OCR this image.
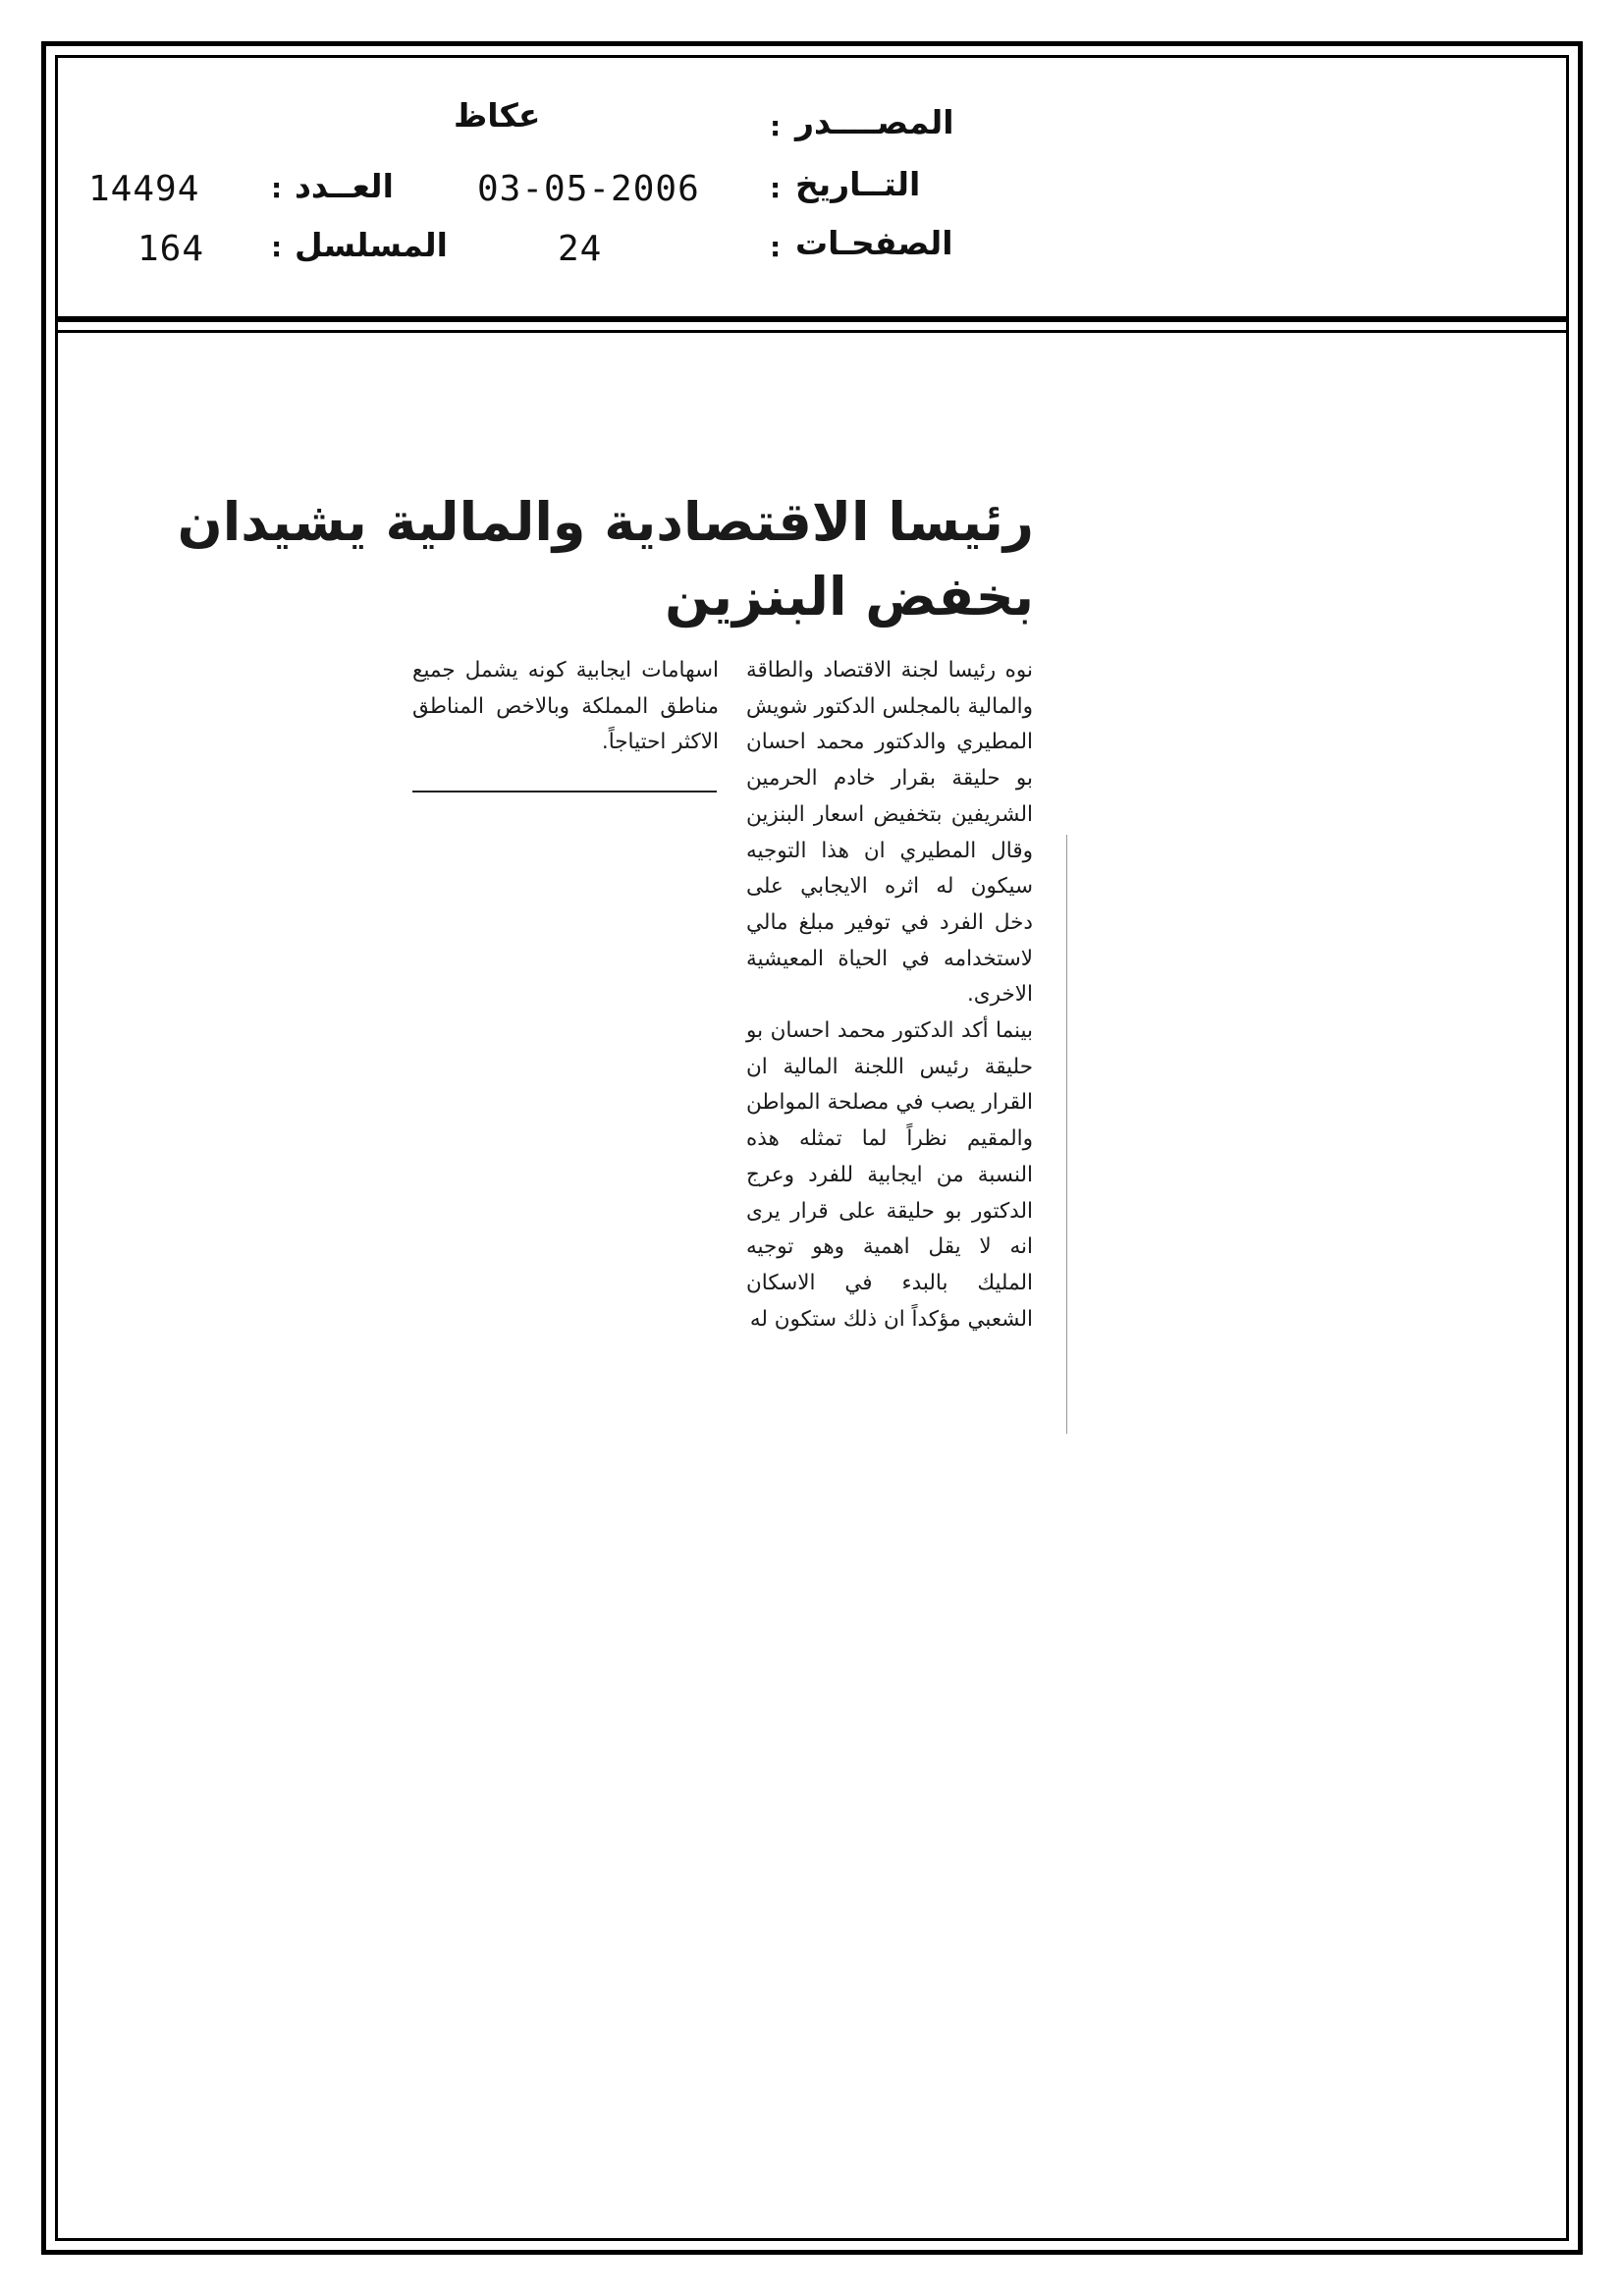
المصــــدر
:
عكاظ
التــاريخ
:
03-05-2006
العــدد
:
14494
الصفحـات
:
24
المسلسل
:
164
رئيسا الاقتصادية والمالية يشيدان
بخفض البنزين

نوه رئيسا لجنة الاقتصاد والطاقة والمالية بالمجلس الدكتور شويش المطيري والدكتور محمد احسان بو حليقة بقرار خادم الحرمين الشريفين بتخفيض اسعار البنزين وقال المطيري ان هذا التوجيه سيكون له اثره الايجابي على دخل الفرد في توفير مبلغ مالي لاستخدامه في الحياة المعيشية الاخرى.

بينما أكد الدكتور محمد احسان بو حليقة رئيس اللجنة المالية ان القرار يصب في مصلحة المواطن والمقيم نظراً لما تمثله هذه النسبة من ايجابية للفرد وعرج الدكتور بو حليقة على قرار يرى انه لا يقل اهمية وهو توجيه المليك بالبدء في الاسكان الشعبي مؤكداً ان ذلك ستكون له

اسهامات ايجابية كونه يشمل جميع مناطق المملكة وبالاخص المناطق الاكثر احتياجاً.
